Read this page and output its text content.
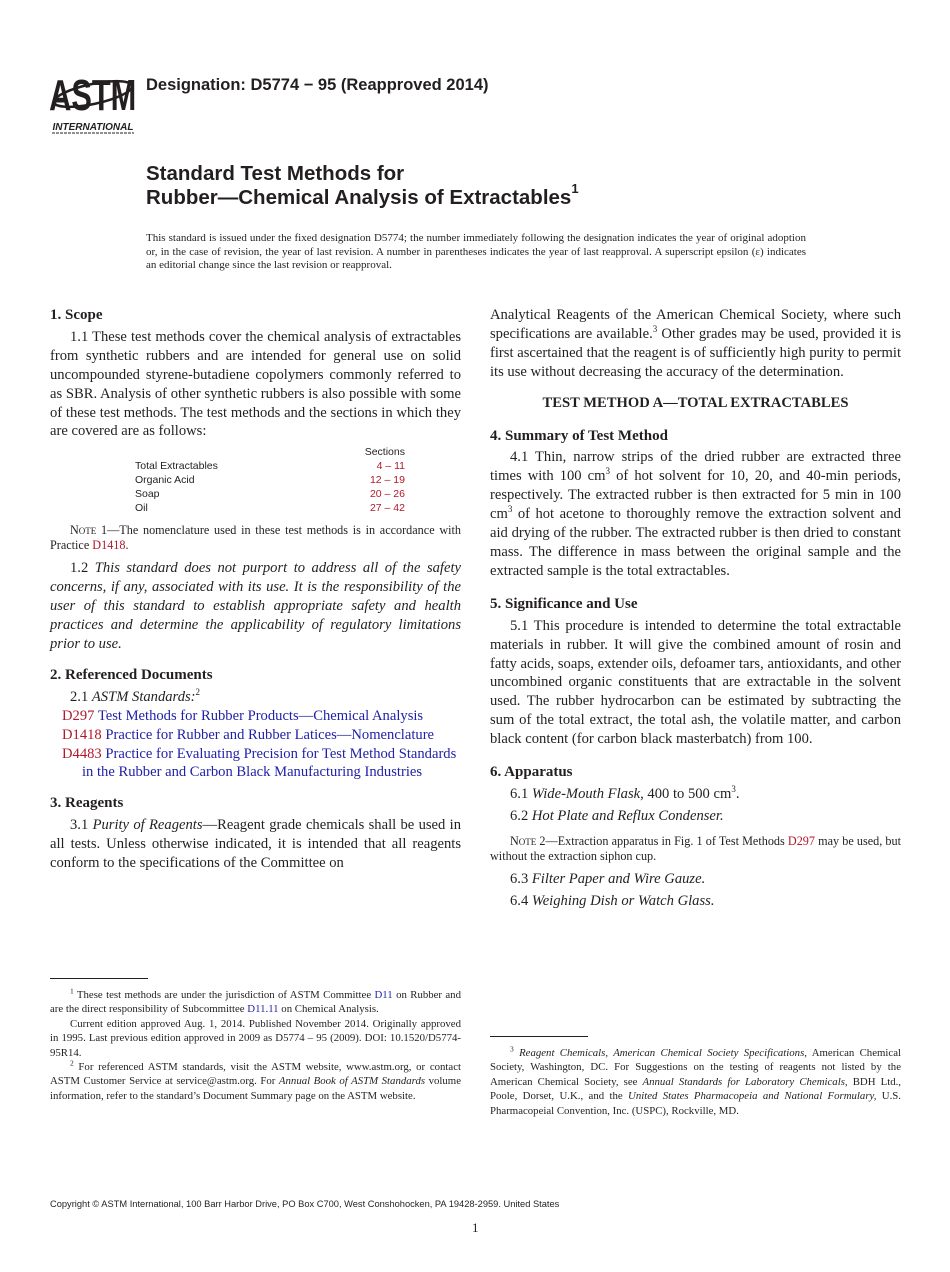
ASTM
INTERNATIONAL
Designation: D5774 − 95 (Reapproved 2014)
Standard Test Methods for
Rubber—Chemical Analysis of Extractables$^1$
This standard is issued under the fixed designation D5774; the number immediately following the designation indicates the year of original adoption or, in the case of revision, the year of last revision. A number in parentheses indicates the year of last reapproval. A superscript epsilon (ε) indicates an editorial change since the last revision or reapproval.
1. Scope
1.1 These test methods cover the chemical analysis of extractables from synthetic rubbers and are intended for general use on solid uncompounded styrene-butadiene copolymers commonly referred to as SBR. Analysis of other synthetic rubbers is also possible with some of these test methods. The test methods and the sections in which they are covered are as follows:
	Sections
Total Extractables	4 – 11
Organic Acid	12 – 19
Soap	20 – 26
Oil	27 – 42
Note 1—The nomenclature used in these test methods is in accordance with Practice D1418.
1.2 This standard does not purport to address all of the safety concerns, if any, associated with its use. It is the responsibility of the user of this standard to establish appropriate safety and health practices and determine the applicability of regulatory limitations prior to use.
2. Referenced Documents
2.1 ASTM Standards:$^2$
D297 Test Methods for Rubber Products—Chemical Analysis
D1418 Practice for Rubber and Rubber Latices—Nomenclature
D4483 Practice for Evaluating Precision for Test Method Standards in the Rubber and Carbon Black Manufacturing Industries
3. Reagents
3.1 Purity of Reagents—Reagent grade chemicals shall be used in all tests. Unless otherwise indicated, it is intended that all reagents conform to the specifications of the Committee on
$^1$ These test methods are under the jurisdiction of ASTM Committee D11 on Rubber and are the direct responsibility of Subcommittee D11.11 on Chemical Analysis.
Current edition approved Aug. 1, 2014. Published November 2014. Originally approved in 1995. Last previous edition approved in 2009 as D5774 – 95 (2009). DOI: 10.1520/D5774-95R14.
$^2$ For referenced ASTM standards, visit the ASTM website, www.astm.org, or contact ASTM Customer Service at service@astm.org. For Annual Book of ASTM Standards volume information, refer to the standard’s Document Summary page on the ASTM website.
Analytical Reagents of the American Chemical Society, where such specifications are available.$^3$ Other grades may be used, provided it is first ascertained that the reagent is of sufficiently high purity to permit its use without decreasing the accuracy of the determination.
TEST METHOD A—TOTAL EXTRACTABLES
4. Summary of Test Method
4.1 Thin, narrow strips of the dried rubber are extracted three times with 100 $cm^3$ of hot solvent for 10, 20, and 40-min periods, respectively. The extracted rubber is then extracted for 5 min in 100 $cm^3$ of hot acetone to thoroughly remove the extraction solvent and aid drying of the rubber. The extracted rubber is then dried to constant mass. The difference in mass between the original sample and the extracted sample is the total extractables.
5. Significance and Use
5.1 This procedure is intended to determine the total extractable materials in rubber. It will give the combined amount of rosin and fatty acids, soaps, extender oils, defoamer tars, antioxidants, and other uncombined organic constituents that are extractable in the solvent used. The rubber hydrocarbon can be estimated by subtracting the sum of the total extract, the total ash, the volatile matter, and carbon black content (for carbon black masterbatch) from 100.
6. Apparatus
6.1 Wide-Mouth Flask, 400 to 500 $cm^3$.
6.2 Hot Plate and Reflux Condenser.
Note 2—Extraction apparatus in Fig. 1 of Test Methods D297 may be used, but without the extraction siphon cup.
6.3 Filter Paper and Wire Gauze.
6.4 Weighing Dish or Watch Glass.
$^3$ Reagent Chemicals, American Chemical Society Specifications, American Chemical Society, Washington, DC. For Suggestions on the testing of reagents not listed by the American Chemical Society, see Annual Standards for Laboratory Chemicals, BDH Ltd., Poole, Dorset, U.K., and the United States Pharmacopeia and National Formulary, U.S. Pharmacopeial Convention, Inc. (USPC), Rockville, MD.
Copyright © ASTM International, 100 Barr Harbor Drive, PO Box C700, West Conshohocken, PA 19428-2959. United States
1
